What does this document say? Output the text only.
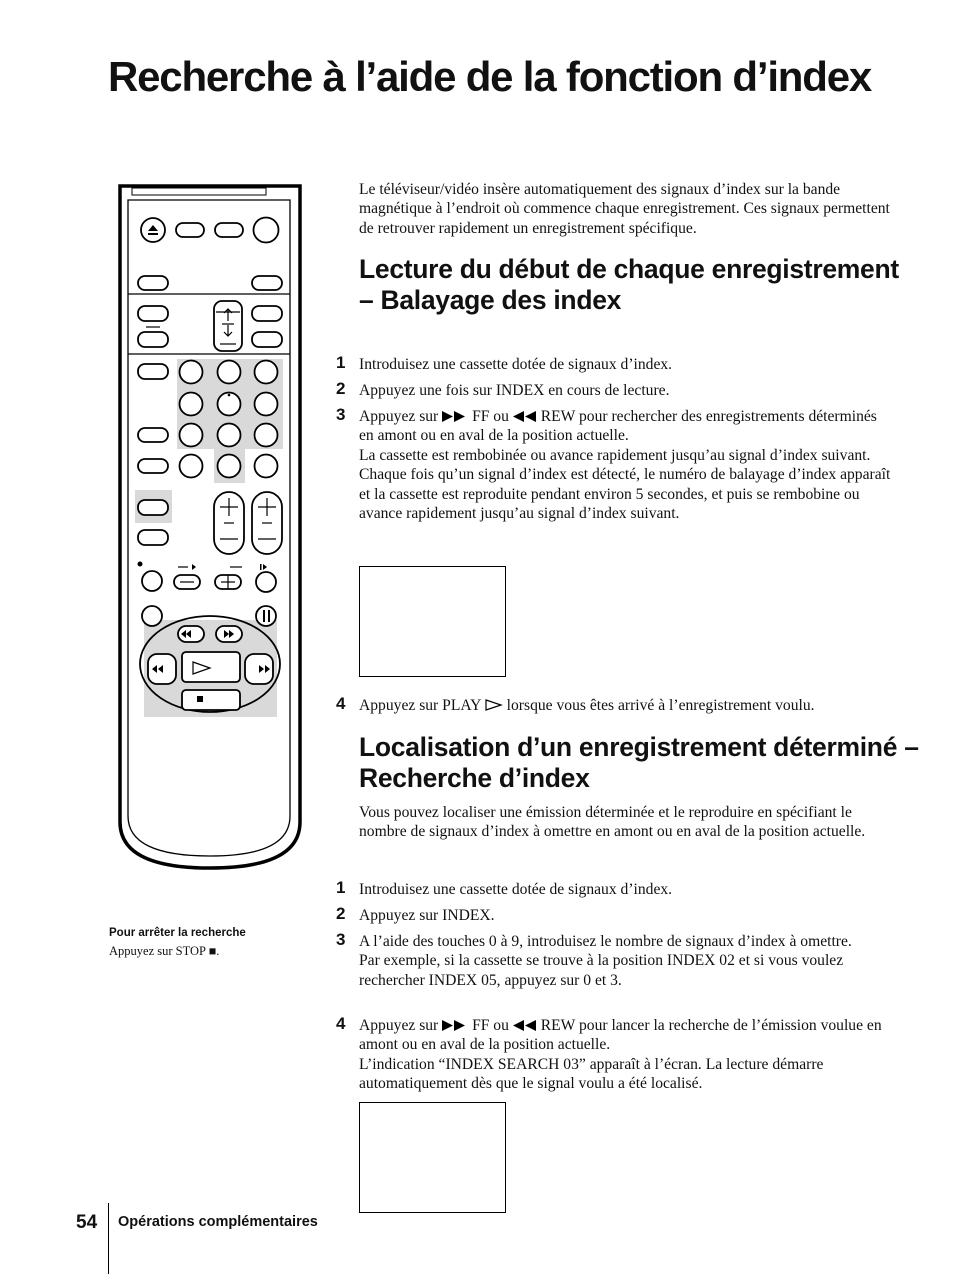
Recherche à l’aide de la fonction d’index
Pour arrêter la recherche
Appuyez sur STOP ■.

Le téléviseur/vidéo insère automatiquement des signaux d’index sur la bande magnétique à l’endroit où commence chaque enregistrement. Ces signaux permettent de retrouver rapidement un enregistrement spécifique.

Lecture du début de chaque enregistrement – Balayage des index
1 Introduisez une cassette dotée de signaux d’index.
2 Appuyez une fois sur INDEX en cours de lecture.
3 Appuyez sur FF ou REW pour rechercher des enregistrements déterminés en amont ou en aval de la position actuelle.
La cassette est rembobinée ou avance rapidement jusqu’au signal d’index suivant.
Chaque fois qu’un signal d’index est détecté, le numéro de balayage d’index apparaît et la cassette est reproduite pendant environ 5 secondes, et puis se rembobine ou avance rapidement jusqu’au signal d’index suivant.
4 Appuyez sur PLAY lorsque vous êtes arrivé à l’enregistrement voulu.
Localisation d’un enregistrement déterminé – Recherche d’index

Vous pouvez localiser une émission déterminée et le reproduire en spécifiant le nombre de signaux d’index à omettre en amont ou en aval de la position actuelle.

1 Introduisez une cassette dotée de signaux d’index.
2 Appuyez sur INDEX.
3 A l’aide des touches 0 à 9, introduisez le nombre de signaux d’index à omettre.
Par exemple, si la cassette se trouve à la position INDEX 02 et si vous voulez rechercher INDEX 05, appuyez sur 0 et 3.
4 Appuyez sur FF ou REW pour lancer la recherche de l’émission voulue en amont ou en aval de la position actuelle.
L’indication “INDEX SEARCH 03” apparaît à l’écran. La lecture démarre automatiquement dès que le signal voulu a été localisé.
54 Opérations complémentaires
